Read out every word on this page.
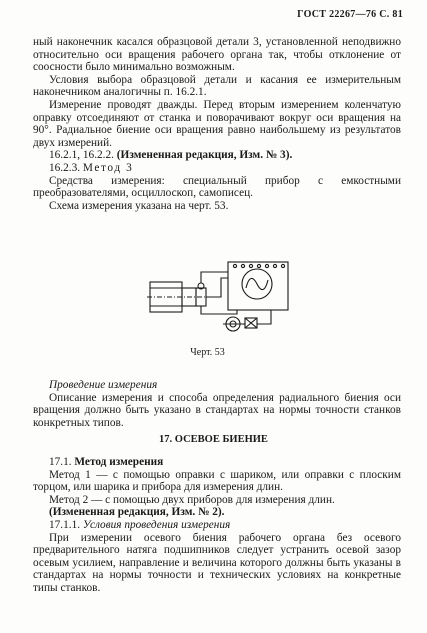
ГОСТ 22267—76 С. 81

ный наконечник касался образцовой детали 3, установленной неподвижно относительно оси вращения рабочего органа так, чтобы отклонение от соосности было минимально возможным.

Условия выбора образцовой детали и касания ее измерительным наконечником аналогичны п. 16.2.1.

Измерение проводят дважды. Перед вторым измерением коленчатую оправку отсоединяют от станка и поворачивают вокруг оси вращения на 90°. Радиальное биение оси вращения равно наибольшему из результатов двух измерений.

16.2.1, 16.2.2. (Измененная редакция, Изм. № 3).

16.2.3. Метод 3

Средства измерения: специальный прибор с емкостными преобразователями, осциллоскоп, самописец.

Схема измерения указана на черт. 53.

Черт. 53

Проведение измерения

Описание измерения и способа определения радиального биения оси вращения должно быть указано в стандартах на нормы точности станков конкретных типов.

17. ОСЕВОЕ БИЕНИЕ

17.1. Метод измерения

Метод 1 — с помощью оправки с шариком, или оправки с плоским торцом, или шарика и прибора для измерения длин.

Метод 2 — с помощью двух приборов для измерения длин.

(Измененная редакция, Изм. № 2).

17.1.1. Условия проведения измерения

При измерении осевого биения рабочего органа без осевого предварительного натяга подшипников следует устранить осевой зазор осевым усилием, направление и величина которого должны быть указаны в стандартах на нормы точности и технических условиях на конкретные типы станков.
